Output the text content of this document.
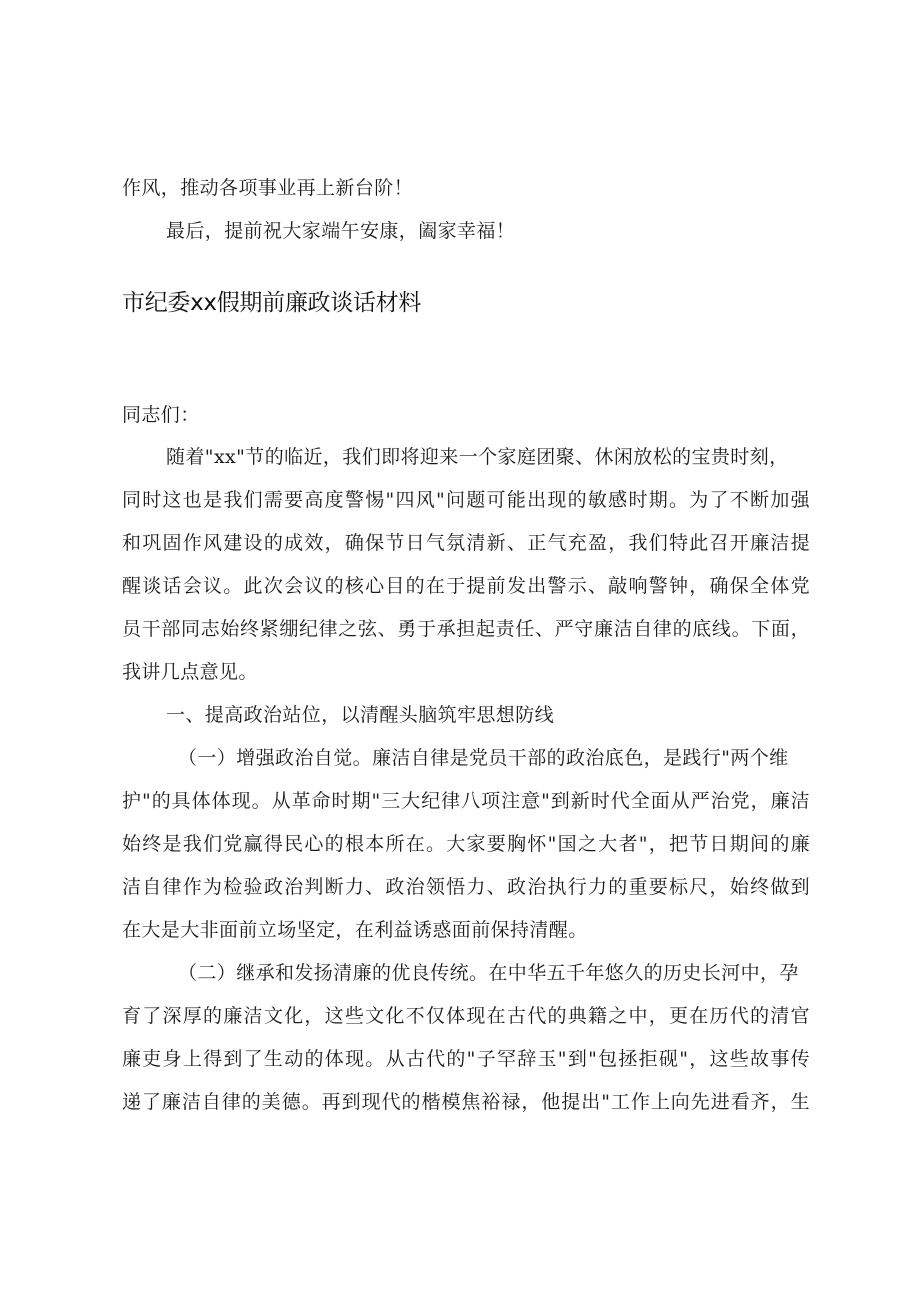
作风，推动各项事业再上新台阶！
最后，提前祝大家端午安康，阖家幸福！
市纪委xx假期前廉政谈话材料
同志们：
随着"xx"节的临近，我们即将迎来一个家庭团聚、休闲放松的宝贵时刻，
同时这也是我们需要高度警惕"四风"问题可能出现的敏感时期。为了不断加强
和巩固作风建设的成效，确保节日气氛清新、正气充盈，我们特此召开廉洁提
醒谈话会议。此次会议的核心目的在于提前发出警示、敲响警钟，确保全体党
员干部同志始终紧绷纪律之弦、勇于承担起责任、严守廉洁自律的底线。下面，
我讲几点意见。
一、提高政治站位，以清醒头脑筑牢思想防线
（一）增强政治自觉。廉洁自律是党员干部的政治底色，是践行"两个维
护"的具体体现。从革命时期"三大纪律八项注意"到新时代全面从严治党，廉洁
始终是我们党赢得民心的根本所在。大家要胸怀"国之大者"，把节日期间的廉
洁自律作为检验政治判断力、政治领悟力、政治执行力的重要标尺，始终做到
在大是大非面前立场坚定，在利益诱惑面前保持清醒。
（二）继承和发扬清廉的优良传统。在中华五千年悠久的历史长河中，孕
育了深厚的廉洁文化，这些文化不仅体现在古代的典籍之中，更在历代的清官
廉吏身上得到了生动的体现。从古代的"子罕辞玉"到"包拯拒砚"，这些故事传
递了廉洁自律的美德。再到现代的楷模焦裕禄，他提出"工作上向先进看齐，生
